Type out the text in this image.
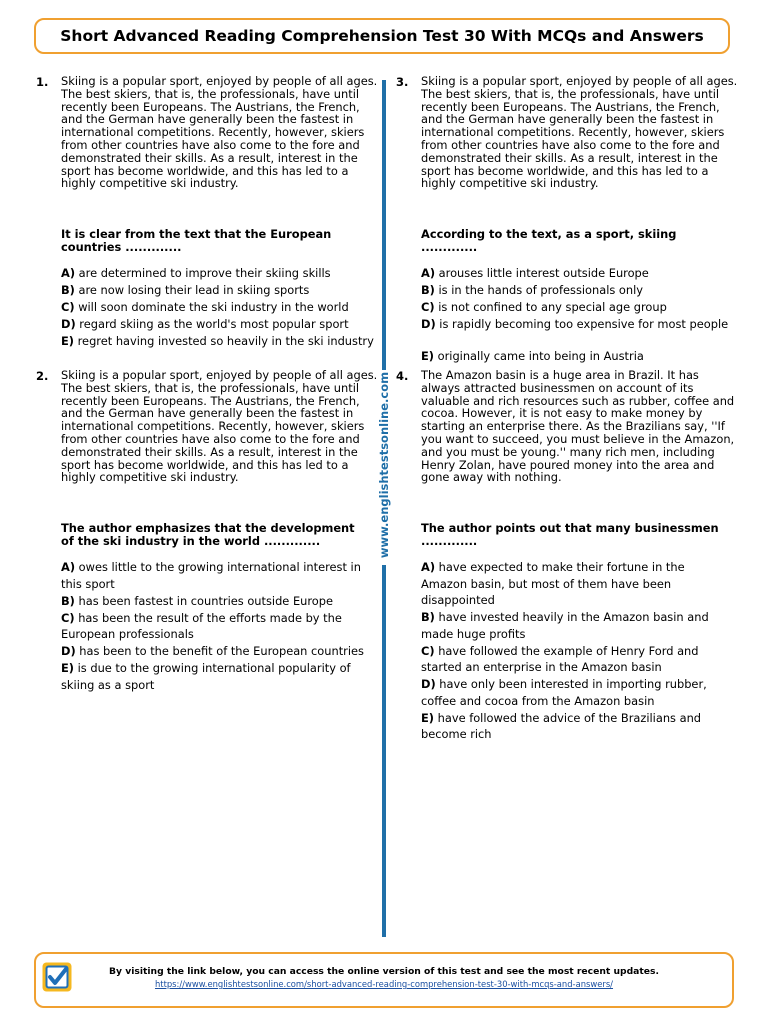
Short Advanced Reading Comprehension Test 30 With MCQs and Answers
www.englishtestsonline.com
1. Skiing is a popular sport, enjoyed by people of all ages. The best skiers, that is, the professionals, have until recently been Europeans. The Austrians, the French, and the German have generally been the fastest in international competitions. Recently, however, skiers from other countries have also come to the fore and demonstrated their skills. As a result, interest in the sport has become worldwide, and this has led to a highly competitive ski industry.

It is clear from the text that the European countries .............
A) are determined to improve their skiing skills
B) are now losing their lead in skiing sports
C) will soon dominate the ski industry in the world
D) regard skiing as the world's most popular sport
E) regret having invested so heavily in the ski industry
2. Skiing is a popular sport, enjoyed by people of all ages. The best skiers, that is, the professionals, have until recently been Europeans. The Austrians, the French, and the German have generally been the fastest in international competitions. Recently, however, skiers from other countries have also come to the fore and demonstrated their skills. As a result, interest in the sport has become worldwide, and this has led to a highly competitive ski industry.

The author emphasizes that the development of the ski industry in the world .............
A) owes little to the growing international interest in this sport
B) has been fastest in countries outside Europe
C) has been the result of the efforts made by the European professionals
D) has been to the benefit of the European countries
E) is due to the growing international popularity of skiing as a sport
3. Skiing is a popular sport, enjoyed by people of all ages. The best skiers, that is, the professionals, have until recently been Europeans. The Austrians, the French, and the German have generally been the fastest in international competitions. Recently, however, skiers from other countries have also come to the fore and demonstrated their skills. As a result, interest in the sport has become worldwide, and this has led to a highly competitive ski industry.

According to the text, as a sport, skiing .............
A) arouses little interest outside Europe
B) is in the hands of professionals only
C) is not confined to any special age group
D) is rapidly becoming too expensive for most people
E) originally came into being in Austria
4. The Amazon basin is a huge area in Brazil. It has always attracted businessmen on account of its valuable and rich resources such as rubber, coffee and cocoa. However, it is not easy to make money by starting an enterprise there. As the Brazilians say, ''If you want to succeed, you must believe in the Amazon, and you must be young.'' many rich men, including Henry Zolan, have poured money into the area and gone away with nothing.

The author points out that many businessmen .............
A) have expected to make their fortune in the Amazon basin, but most of them have been disappointed
B) have invested heavily in the Amazon basin and made huge profits
C) have followed the example of Henry Ford and started an enterprise in the Amazon basin
D) have only been interested in importing rubber, coffee and cocoa from the Amazon basin
E) have followed the advice of the Brazilians and become rich
By visiting the link below, you can access the online version of this test and see the most recent updates.
https://www.englishtestsonline.com/short-advanced-reading-comprehension-test-30-with-mcqs-and-answers/
